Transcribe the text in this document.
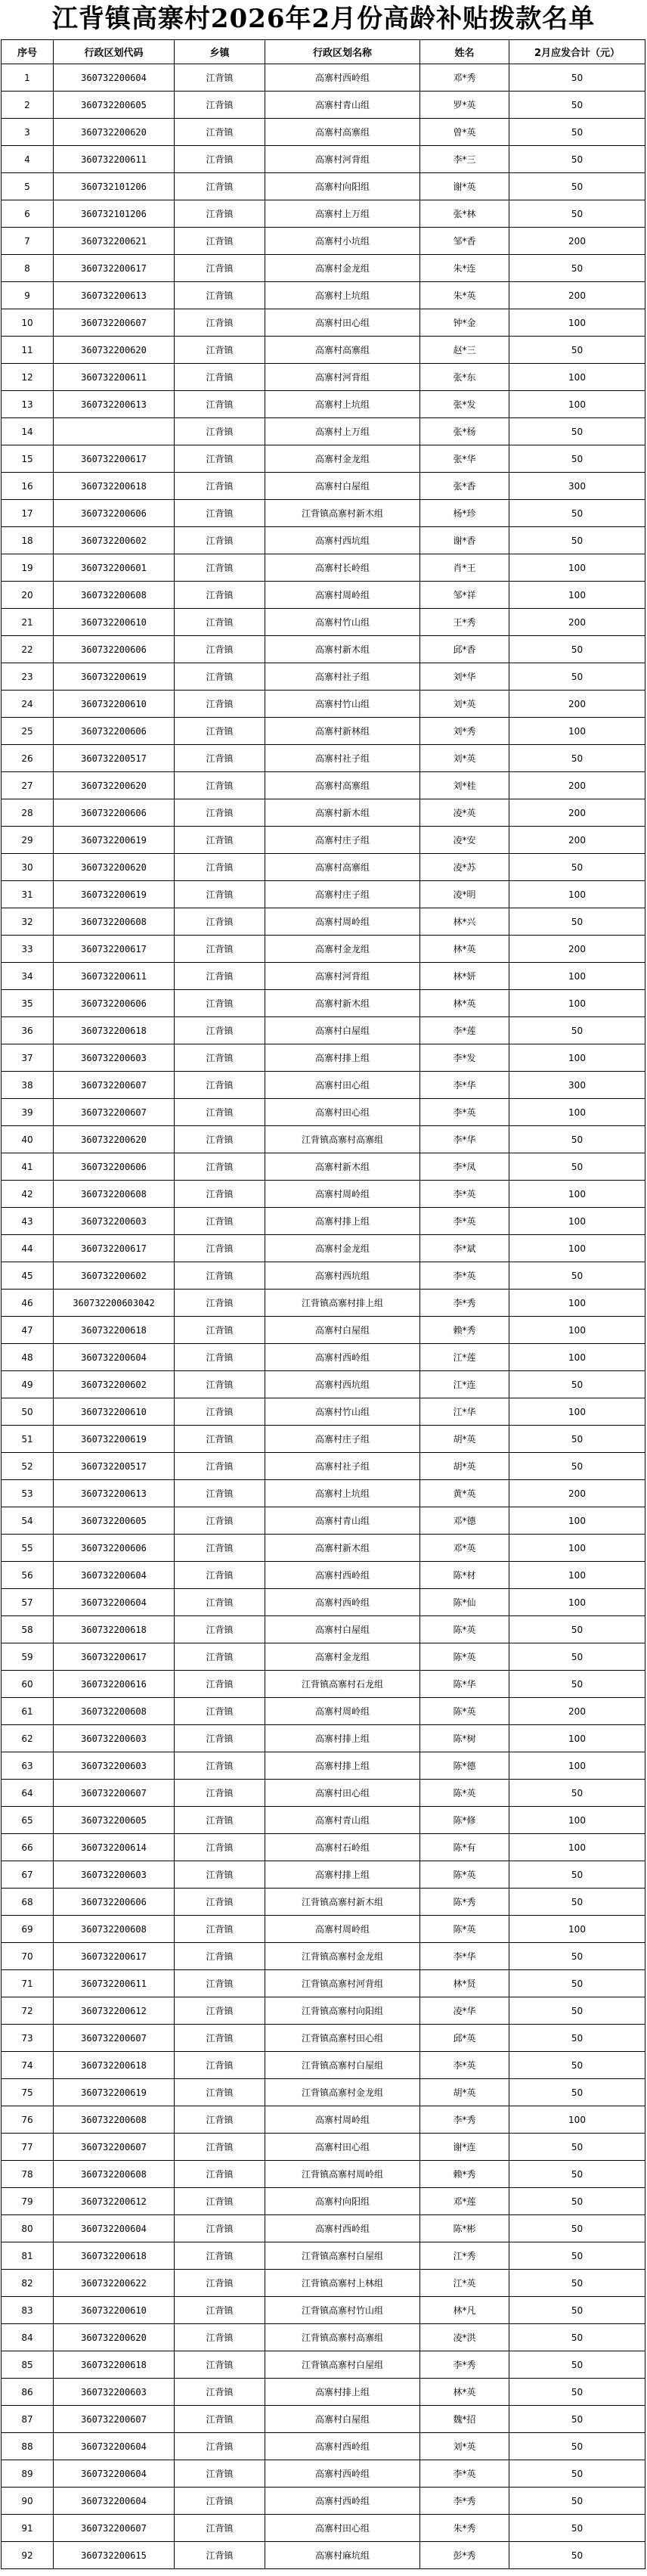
江背镇高寨村2026年2月份高龄补贴拨款名单
序号	行政区划代码	乡镇	行政区划名称	姓名	2月应发合计（元）
1	360732200604	江背镇	高寨村西岭组	邓*秀	50
2	360732200605	江背镇	高寨村青山组	罗*英	50
3	360732200620	江背镇	高寨村高寨组	曾*英	50
4	360732200611	江背镇	高寨村河背组	李*三	50
5	360732101206	江背镇	高寨村向阳组	谢*英	50
6	360732101206	江背镇	高寨村上万组	张*林	50
7	360732200621	江背镇	高寨村小坑组	邹*香	200
8	360732200617	江背镇	高寨村金龙组	朱*连	50
9	360732200613	江背镇	高寨村上坑组	朱*英	200
10	360732200607	江背镇	高寨村田心组	钟*金	100
11	360732200620	江背镇	高寨村高寨组	赵*三	50
12	360732200611	江背镇	高寨村河背组	张*东	100
13	360732200613	江背镇	高寨村上坑组	张*发	100
14		江背镇	高寨村上万组	张*杨	50
15	360732200617	江背镇	高寨村金龙组	张*华	50
16	360732200618	江背镇	高寨村白屋组	张*香	300
17	360732200606	江背镇	江背镇高寨村新木组	杨*珍	50
18	360732200602	江背镇	高寨村西坑组	谢*香	50
19	360732200601	江背镇	高寨村长岭组	肖*王	100
20	360732200608	江背镇	高寨村周岭组	邹*祥	100
21	360732200610	江背镇	高寨村竹山组	王*秀	200
22	360732200606	江背镇	高寨村新木组	邱*香	50
23	360732200619	江背镇	高寨村社子组	刘*华	50
24	360732200610	江背镇	高寨村竹山组	刘*英	200
25	360732200606	江背镇	高寨村新林组	刘*秀	100
26	360732200517	江背镇	高寨村社子组	刘*英	50
27	360732200620	江背镇	高寨村高寨组	刘*桂	200
28	360732200606	江背镇	高寨村新木组	凌*英	200
29	360732200619	江背镇	高寨村庄子组	凌*安	200
30	360732200620	江背镇	高寨村高寨组	凌*苏	50
31	360732200619	江背镇	高寨村庄子组	凌*明	100
32	360732200608	江背镇	高寨村周岭组	林*兴	50
33	360732200617	江背镇	高寨村金龙组	林*英	200
34	360732200611	江背镇	高寨村河背组	林*妍	100
35	360732200606	江背镇	高寨村新木组	林*英	100
36	360732200618	江背镇	高寨村白屋组	李*莲	50
37	360732200603	江背镇	高寨村排上组	李*发	100
38	360732200607	江背镇	高寨村田心组	李*华	300
39	360732200607	江背镇	高寨村田心组	李*英	100
40	360732200620	江背镇	江背镇高寨村高寨组	李*华	50
41	360732200606	江背镇	高寨村新木组	李*凤	50
42	360732200608	江背镇	高寨村周岭组	李*英	100
43	360732200603	江背镇	高寨村排上组	李*英	100
44	360732200617	江背镇	高寨村金龙组	李*斌	100
45	360732200602	江背镇	高寨村西坑组	李*英	50
46	360732200603042	江背镇	江背镇高寨村排上组	李*秀	100
47	360732200618	江背镇	高寨村白屋组	赖*秀	100
48	360732200604	江背镇	高寨村西岭组	江*莲	100
49	360732200602	江背镇	高寨村西坑组	江*连	50
50	360732200610	江背镇	高寨村竹山组	江*华	100
51	360732200619	江背镇	高寨村庄子组	胡*英	50
52	360732200517	江背镇	高寨村社子组	胡*英	50
53	360732200613	江背镇	高寨村上坑组	黄*英	200
54	360732200605	江背镇	高寨村青山组	邓*德	100
55	360732200606	江背镇	高寨村新木组	邓*英	100
56	360732200604	江背镇	高寨村西岭组	陈*材	100
57	360732200604	江背镇	高寨村西岭组	陈*仙	100
58	360732200618	江背镇	高寨村白屋组	陈*英	50
59	360732200617	江背镇	高寨村金龙组	陈*英	50
60	360732200616	江背镇	江背镇高寨村石龙组	陈*华	50
61	360732200608	江背镇	高寨村周岭组	陈*英	200
62	360732200603	江背镇	高寨村排上组	陈*树	100
63	360732200603	江背镇	高寨村排上组	陈*德	100
64	360732200607	江背镇	高寨村田心组	陈*英	50
65	360732200605	江背镇	高寨村青山组	陈*修	100
66	360732200614	江背镇	高寨村石岭组	陈*有	100
67	360732200603	江背镇	高寨村排上组	陈*英	50
68	360732200606	江背镇	江背镇高寨村新木组	陈*秀	50
69	360732200608	江背镇	高寨村周岭组	陈*英	100
70	360732200617	江背镇	江背镇高寨村金龙组	李*华	50
71	360732200611	江背镇	江背镇高寨村河背组	林*贤	50
72	360732200612	江背镇	江背镇高寨村向阳组	凌*华	50
73	360732200607	江背镇	江背镇高寨村田心组	邱*英	50
74	360732200618	江背镇	江背镇高寨村白屋组	李*英	50
75	360732200619	江背镇	江背镇高寨村金龙组	胡*英	50
76	360732200608	江背镇	高寨村周岭组	李*秀	100
77	360732200607	江背镇	高寨村田心组	谢*连	50
78	360732200608	江背镇	江背镇高寨村周岭组	赖*秀	50
79	360732200612	江背镇	高寨村向阳组	邓*莲	50
80	360732200604	江背镇	高寨村西岭组	陈*彬	50
81	360732200618	江背镇	江背镇高寨村白屋组	江*秀	50
82	360732200622	江背镇	江背镇高寨村上林组	江*英	50
83	360732200610	江背镇	江背镇高寨村竹山组	林*凡	50
84	360732200620	江背镇	江背镇高寨村高寨组	凌*洪	50
85	360732200618	江背镇	江背镇高寨村白屋组	李*秀	50
86	360732200603	江背镇	高寨村排上组	林*英	50
87	360732200607	江背镇	高寨村白屋组	魏*招	50
88	360732200604	江背镇	高寨村西岭组	刘*英	50
89	360732200604	江背镇	高寨村西岭组	李*英	50
90	360732200604	江背镇	高寨村西岭组	李*秀	50
91	360732200607	江背镇	高寨村田心组	朱*秀	50
92	360732200615	江背镇	高寨村麻坑组	彭*秀	50
